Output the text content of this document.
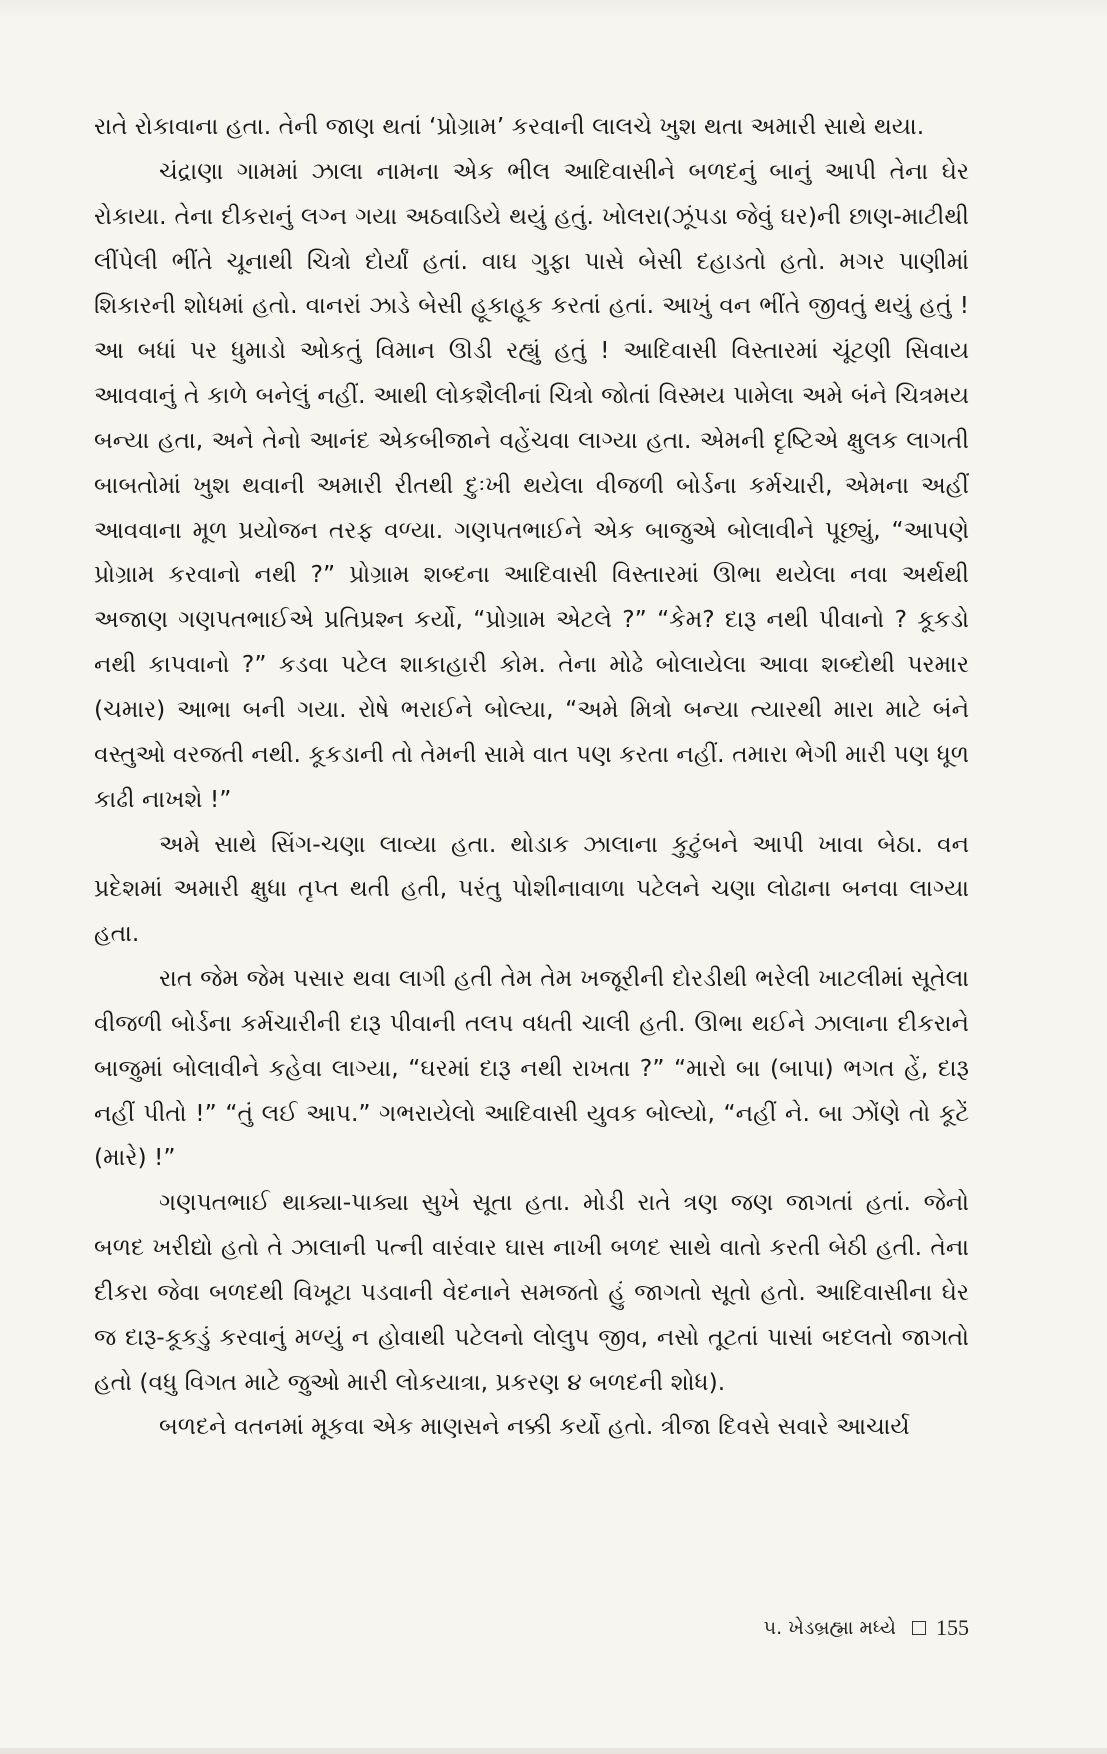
રાતે રોકાવાના હતા. તેની જાણ થતાં ‘પ્રોગ્રામ’ કરવાની લાલચે ખુશ થતા અમારી સાથે થયા.

ચંદ્રાણા ગામમાં ઝાલા નામના એક ભીલ આદિવાસીને બળદનું બાનું આપી તેના ઘેર રોકાયા. તેના દીકરાનું લગ્ન ગયા અઠવાડિયે થયું હતું. ખોલરા(ઝૂંપડા જેવું ઘર)ની છાણ-માટીથી લીંપેલી ભીંતે ચૂનાથી ચિત્રો દોર્યાં હતાં. વાઘ ગુફા પાસે બેસી દહાડતો હતો. મગર પાણીમાં શિકારની શોધમાં હતો. વાનરાં ઝાડે બેસી હૂકાહૂક કરતાં હતાં. આખું વન ભીંતે જીવતું થયું હતું ! આ બધાં પર ધુમાડો ઓકતું વિમાન ઊડી રહ્યું હતું ! આદિવાસી વિસ્તારમાં ચૂંટણી સિવાય આવવાનું તે કાળે બનેલું નહીં. આથી લોકશૈલીનાં ચિત્રો જોતાં વિસ્મય પામેલા અમે બંને ચિત્રમય બન્યા હતા, અને તેનો આનંદ એકબીજાને વહેંચવા લાગ્યા હતા. એમની દૃષ્ટિએ ક્ષુલક લાગતી બાબતોમાં ખુશ થવાની અમારી રીતથી દુઃખી થયેલા વીજળી બોર્ડના કર્મચારી, એમના અહીં આવવાના મૂળ પ્રયોજન તરફ વળ્યા. ગણપતભાઈને એક બાજુએ બોલાવીને પૂછ્યું, “આપણે પ્રોગ્રામ કરવાનો નથી ?” પ્રોગ્રામ શબ્દના આદિવાસી વિસ્તારમાં ઊભા થયેલા નવા અર્થથી અજાણ ગણપતભાઈએ પ્રતિપ્રશ્ન કર્યો, “પ્રોગ્રામ એટલે ?” “કેમ? દારૂ નથી પીવાનો ? કૂકડો નથી કાપવાનો ?” કડવા પટેલ શાકાહારી કોમ. તેના મોઢે બોલાયેલા આવા શબ્દોથી પરમાર (ચમાર) આભા બની ગયા. રોષે ભરાઈને બોલ્યા, “અમે મિત્રો બન્યા ત્યારથી મારા માટે બંને વસ્તુઓ વરજતી નથી. કૂકડાની તો તેમની સામે વાત પણ કરતા નહીં. તમારા ભેગી મારી પણ ધૂળ કાઢી નાખશે !”

અમે સાથે સિંગ-ચણા લાવ્યા હતા. થોડાક ઝાલાના કુટુંબને આપી ખાવા બેઠા. વન પ્રદેશમાં અમારી ક્ષુધા તૃપ્ત થતી હતી, પરંતુ પોશીનાવાળા પટેલને ચણા લોઢાના બનવા લાગ્યા હતા.

રાત જેમ જેમ પસાર થવા લાગી હતી તેમ તેમ ખજૂરીની દોરડીથી ભરેલી ખાટલીમાં સૂતેલા વીજળી બોર્ડના કર્મચારીની દારૂ પીવાની તલપ વધતી ચાલી હતી. ઊભા થઈને ઝાલાના દીકરાને બાજુમાં બોલાવીને કહેવા લાગ્યા, “ઘરમાં દારૂ નથી રાખતા ?” “મારો બા (બાપા) ભગત હેં, દારૂ નહીં પીતો !” “તું લઈ આપ.” ગભરાયેલો આદિવાસી યુવક બોલ્યો, “નહીં ને. બા ઝોંણે તો કૂટેં (મારે) !”

ગણપતભાઈ થાક્યા-પાક્યા સુખે સૂતા હતા. મોડી રાતે ત્રણ જણ જાગતાં હતાં. જેનો બળદ ખરીદ્યો હતો તે ઝાલાની પત્ની વારંવાર ઘાસ નાખી બળદ સાથે વાતો કરતી બેઠી હતી. તેના દીકરા જેવા બળદથી વિખૂટા પડવાની વેદનાને સમજતો હું જાગતો સૂતો હતો. આદિવાસીના ઘેર જ દારૂ-કૂકડું કરવાનું મળ્યું ન હોવાથી પટેલનો લોલુપ જીવ, નસો તૂટતાં પાસાં બદલતો જાગતો હતો (વધુ વિગત માટે જુઓ મારી લોકયાત્રા, પ્રકરણ ૪ બળદની શોધ).

બળદને વતનમાં મૂકવા એક માણસને નક્કી કર્યો હતો. ત્રીજા દિવસે સવારે આચાર્ય

૫. ખેડબ્રહ્મા મધ્યે 155
